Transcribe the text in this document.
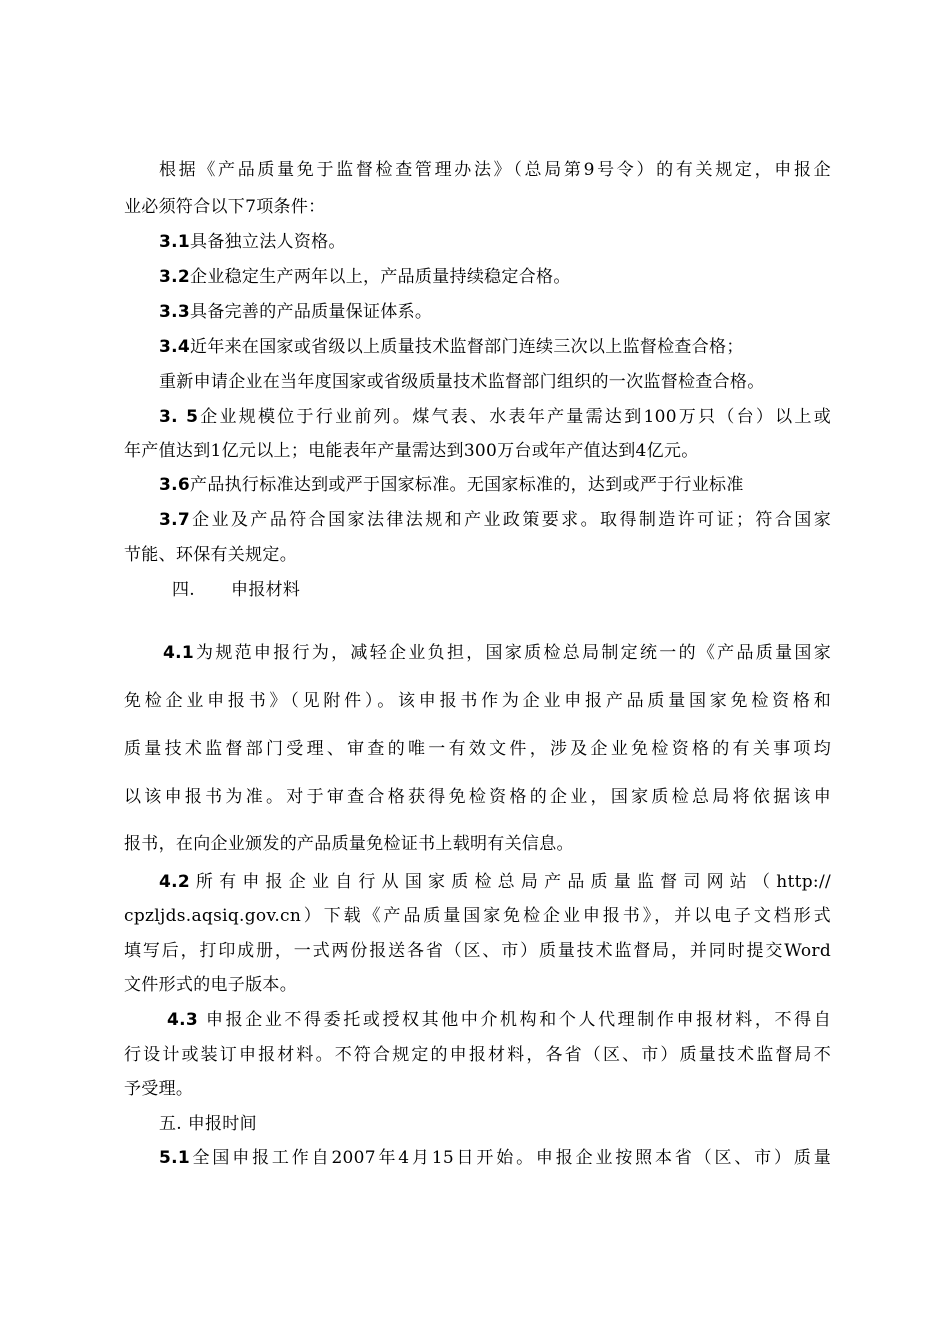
根据《产品质量免于监督检查管理办法》（总局第9号令）的有关规定，申报企
业必须符合以下7项条件：
3.1具备独立法人资格。
3.2企业稳定生产两年以上，产品质量持续稳定合格。
3.3具备完善的产品质量保证体系。
3.4近年来在国家或省级以上质量技术监督部门连续三次以上监督检查合格；
重新申请企业在当年度国家或省级质量技术监督部门组织的一次监督检查合格。
3. 5企业规模位于行业前列。煤气表、水表年产量需达到100万只（台）以上或
年产值达到1亿元以上；电能表年产量需达到300万台或年产值达到4亿元。
3.6产品执行标准达到或严于国家标准。无国家标准的，达到或严于行业标准
3.7企业及产品符合国家法律法规和产业政策要求。取得制造许可证；符合国家
节能、环保有关规定。
四. 申报材料
4.1为规范申报行为，减轻企业负担，国家质检总局制定统一的《产品质量国家
免检企业申报书》（见附件）。该申报书作为企业申报产品质量国家免检资格和
质量技术监督部门受理、审查的唯一有效文件，涉及企业免检资格的有关事项均
以该申报书为准。对于审查合格获得免检资格的企业，国家质检总局将依据该申
报书，在向企业颁发的产品质量免检证书上载明有关信息。
4.2所有申报企业自行从国家质检总局产品质量监督司网站（http://
cpzljds.aqsiq.gov.cn）下载《产品质量国家免检企业申报书》，并以电子文档形式
填写后，打印成册，一式两份报送各省（区、市）质量技术监督局，并同时提交Word
文件形式的电子版本。
4.3 申报企业不得委托或授权其他中介机构和个人代理制作申报材料，不得自
行设计或装订申报材料。不符合规定的申报材料，各省（区、市）质量技术监督局不
予受理。
五. 申报时间
5.1全国申报工作自2007年4月15日开始。申报企业按照本省（区、市）质量
